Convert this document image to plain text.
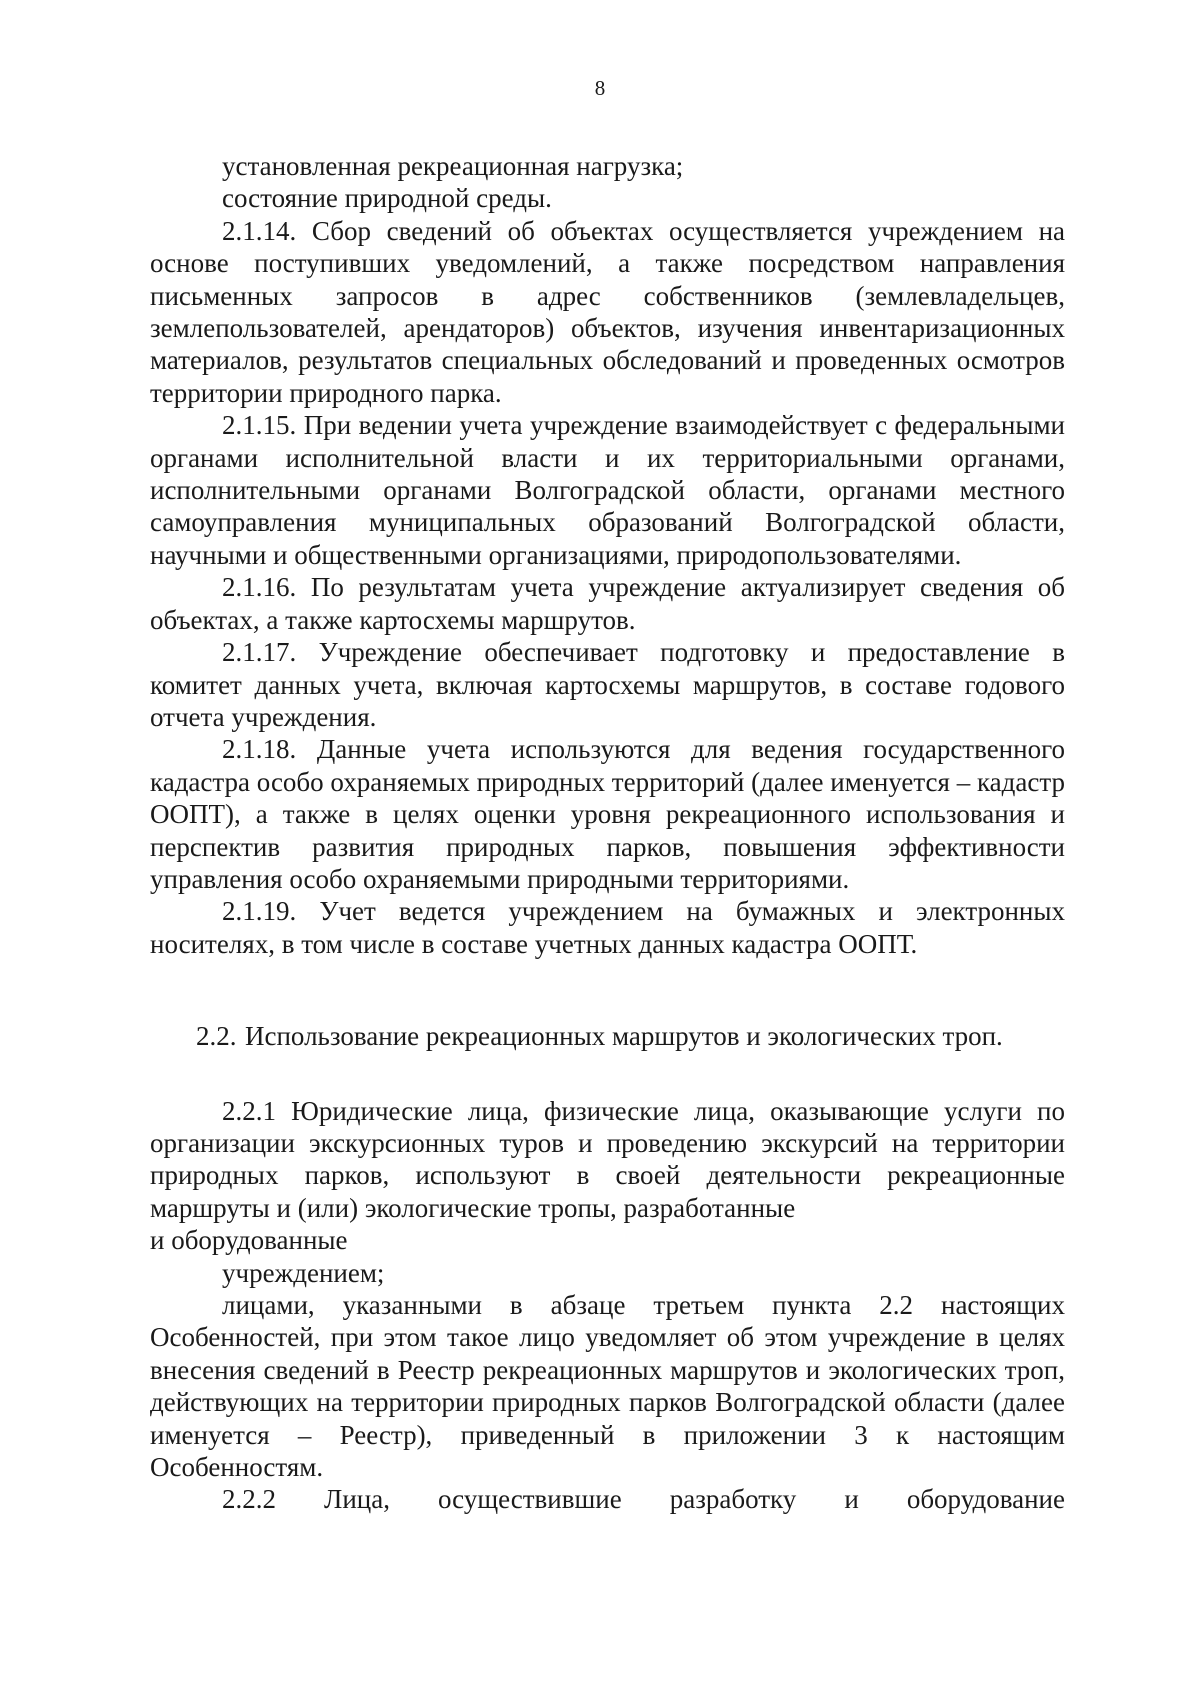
8

установленная рекреационная нагрузка;

состояние природной среды.

2.1.14. Сбор сведений об объектах осуществляется учреждением на основе поступивших уведомлений, а также посредством направления письменных запросов в адрес собственников (землевладельцев, землепользователей, арендаторов) объектов, изучения инвентаризационных материалов, результатов специальных обследований и проведенных осмотров территории природного парка.

2.1.15. При ведении учета учреждение взаимодействует с федеральными органами исполнительной власти и их территориальными органами, исполнительными органами Волгоградской области, органами местного самоуправления муниципальных образований Волгоградской области, научными и общественными организациями, природопользователями.

2.1.16. По результатам учета учреждение актуализирует сведения об объектах, а также картосхемы маршрутов.

2.1.17. Учреждение обеспечивает подготовку и предоставление в комитет данных учета, включая картосхемы маршрутов, в составе годового отчета учреждения.

2.1.18. Данные учета используются для ведения государственного кадастра особо охраняемых природных территорий (далее именуется – кадастр ООПТ), а также в целях оценки уровня рекреационного использования и перспектив развития природных парков, повышения эффективности управления особо охраняемыми природными территориями.

2.1.19. Учет ведется учреждением на бумажных и электронных носителях, в том числе в составе учетных данных кадастра ООПТ.

2.2. Использование рекреационных маршрутов и экологических троп.

2.2.1 Юридические лица, физические лица, оказывающие услуги по организации экскурсионных туров и проведению экскурсий на территории природных парков, используют в своей деятельности рекреационные маршруты и (или) экологические тропы, разработанные

и оборудованные

учреждением;

лицами, указанными в абзаце третьем пункта 2.2 настоящих Особенностей, при этом такое лицо уведомляет об этом учреждение в целях внесения сведений в Реестр рекреационных маршрутов и экологических троп, действующих на территории природных парков Волгоградской области (далее именуется – Реестр), приведенный в приложении 3 к настоящим Особенностям.

2.2.2 Лица, осуществившие разработку и оборудование
